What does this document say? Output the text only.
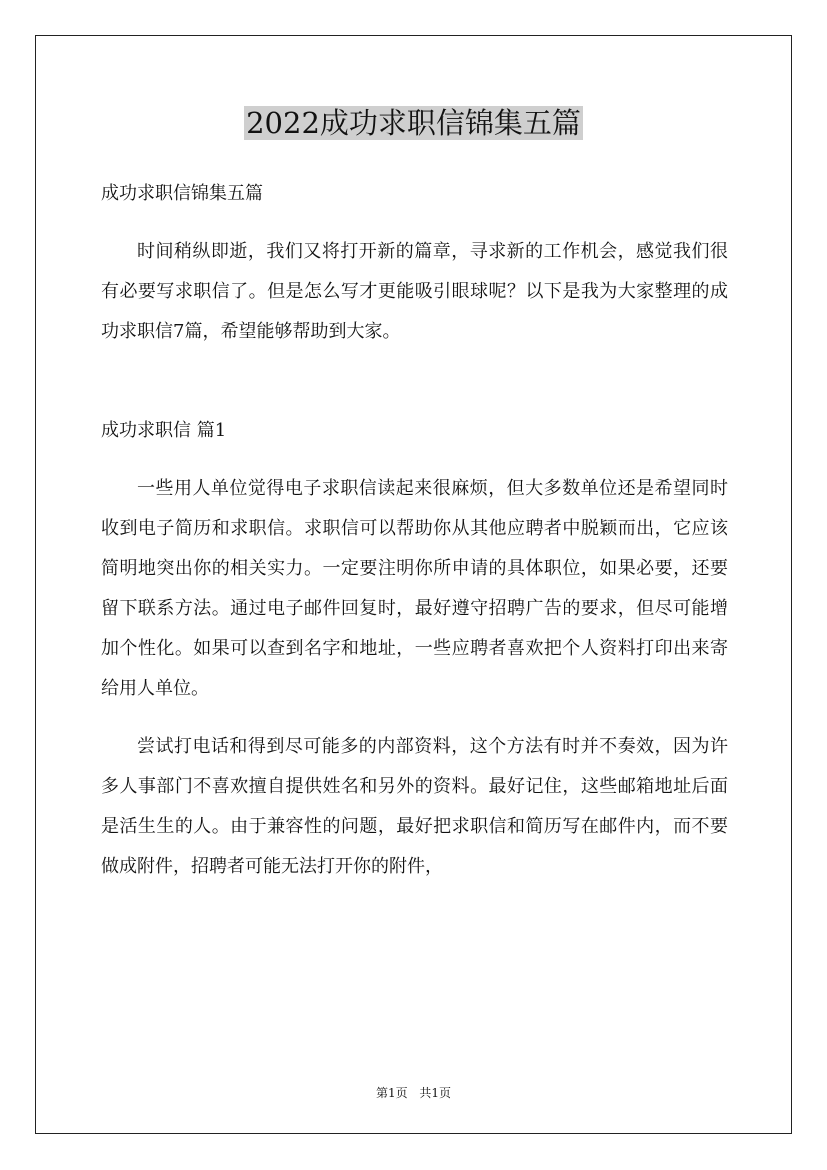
2022成功求职信锦集五篇

成功求职信锦集五篇

时间稍纵即逝，我们又将打开新的篇章，寻求新的工作机会，感觉我们很有必要写求职信了。但是怎么写才更能吸引眼球呢？以下是我为大家整理的成功求职信7篇，希望能够帮助到大家。

成功求职信 篇1

一些用人单位觉得电子求职信读起来很麻烦，但大多数单位还是希望同时收到电子简历和求职信。求职信可以帮助你从其他应聘者中脱颖而出，它应该简明地突出你的相关实力。一定要注明你所申请的具体职位，如果必要，还要留下联系方法。通过电子邮件回复时，最好遵守招聘广告的要求，但尽可能增加个性化。如果可以查到名字和地址，一些应聘者喜欢把个人资料打印出来寄给用人单位。

尝试打电话和得到尽可能多的内部资料，这个方法有时并不奏效，因为许多人事部门不喜欢擅自提供姓名和另外的资料。最好记住，这些邮箱地址后面是活生生的人。由于兼容性的问题，最好把求职信和简历写在邮件内，而不要做成附件，招聘者可能无法打开你的附件，

第1页 共1页
